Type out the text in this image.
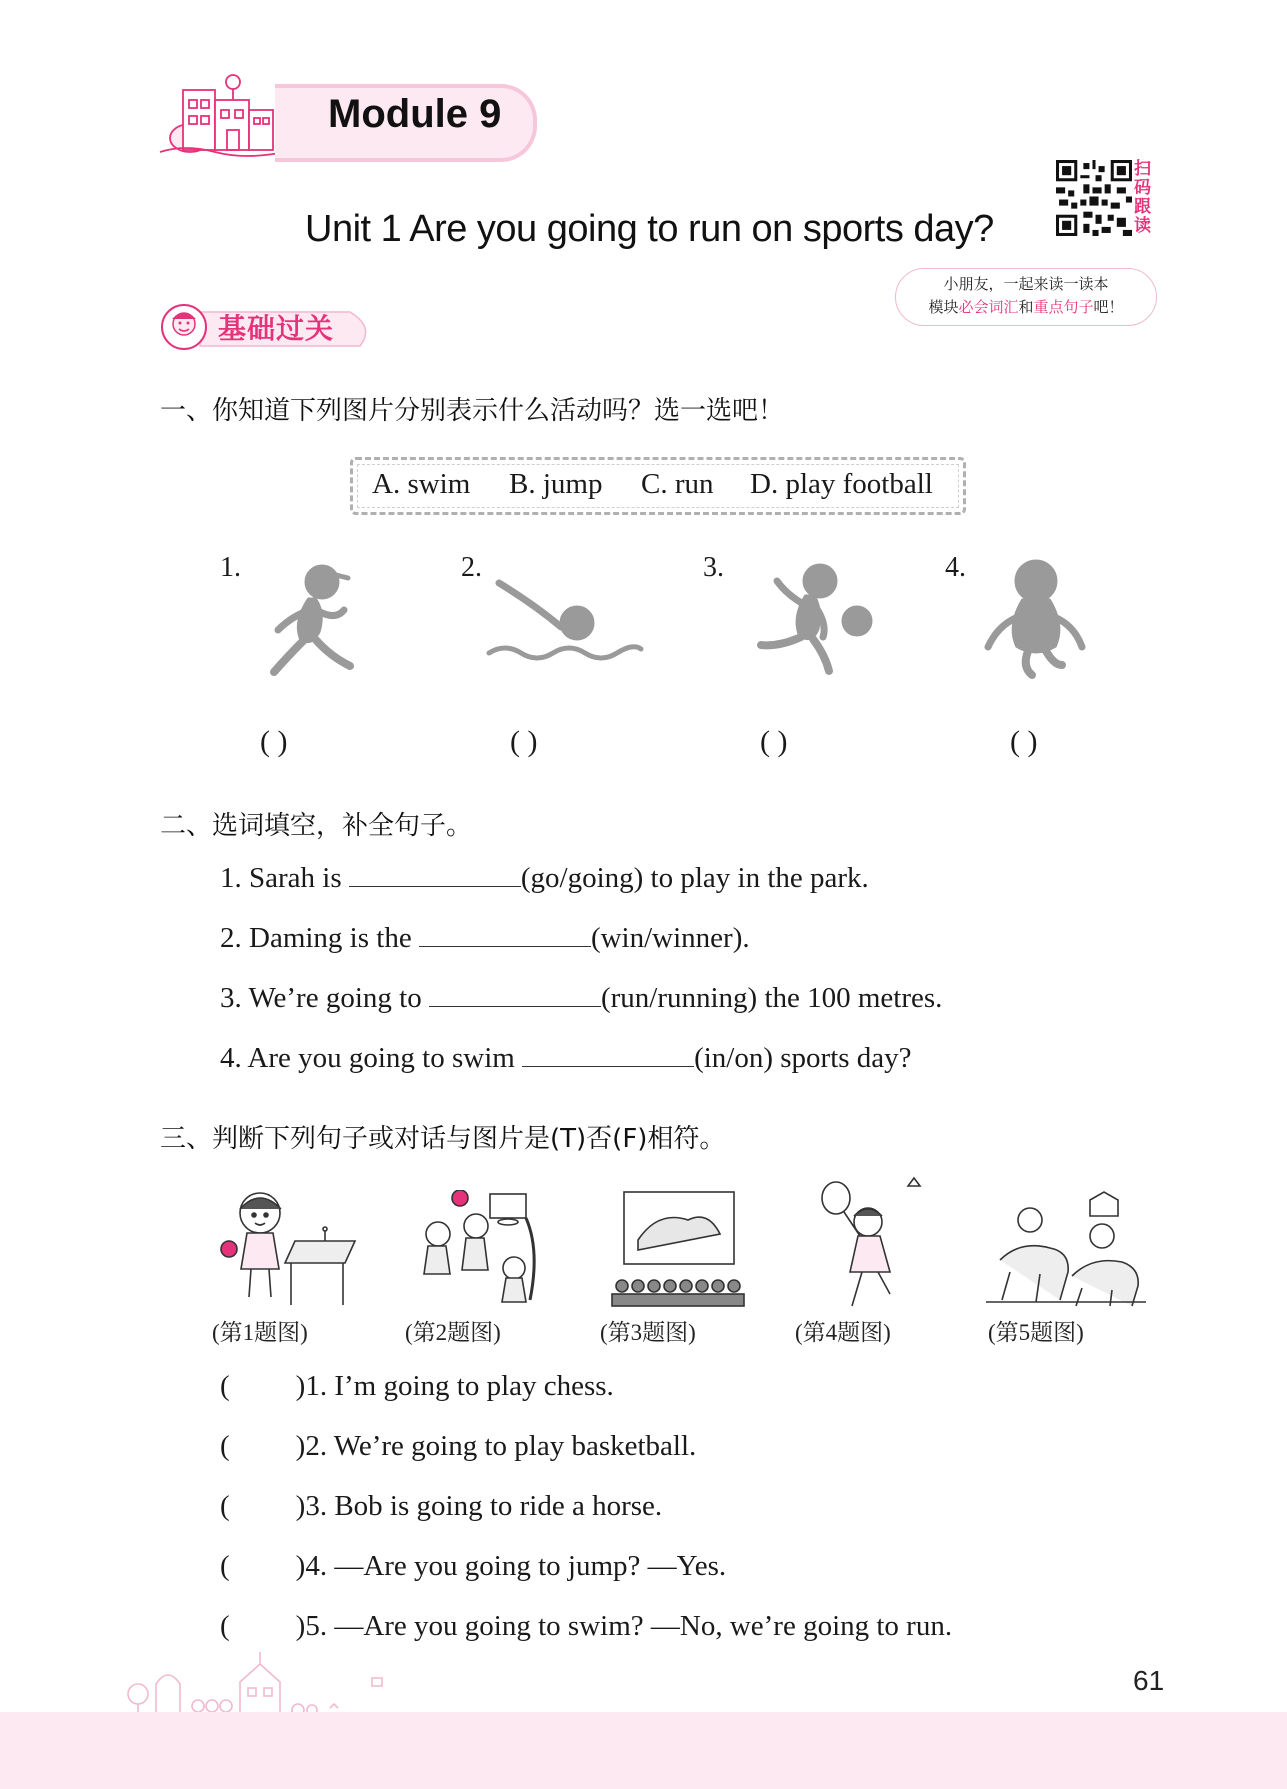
Module 9
Unit 1 Are you going to run on sports day?
扫
码
跟
读
小朋友，一起来读一读本
模块必会词汇和重点句子吧！
基础过关
一、你知道下列图片分别表示什么活动吗？选一选吧！
A. swim B. jump C. run D. play football
1.	2.	3.	4.
( )	( )	( )	( )
二、选词填空，补全句子。
1. Sarah is	(go/going) to play in the park.
2. Daming is the	(win/winner).
3. We’re going to	(run/running) the 100 metres.
4. Are you going to swim	(in/on) sports day?
三、判断下列句子或对话与图片是(T)否(F)相符。
(第1题图)	(第2题图)	(第3题图)	(第4题图)	(第5题图)
( )1. I’m going to play chess.
( )2. We’re going to play basketball.
( )3. Bob is going to ride a horse.
( )4. —Are you going to jump? —Yes.
( )5. —Are you going to swim? —No, we’re going to run.
61
